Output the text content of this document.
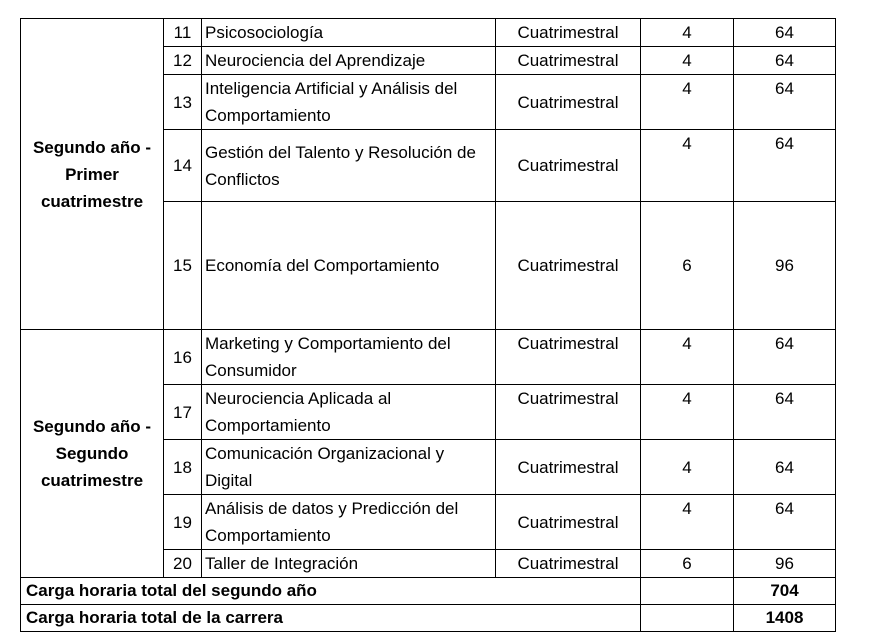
Segundo año -
Primer
cuatrimestre	11	Psicosociología	Cuatrimestral	4	64
	12	Neurociencia del Aprendizaje	Cuatrimestral	4	64
	13	Inteligencia Artificial y Análisis del
Comportamiento	Cuatrimestral	4	64
	14	Gestión del Talento y Resolución de
Conflictos	Cuatrimestral	4	64
	15	Economía del Comportamiento	Cuatrimestral	6	96
Segundo año -
Segundo
cuatrimestre	16	Marketing y Comportamiento del
Consumidor	Cuatrimestral	4	64
	17	Neurociencia Aplicada al
Comportamiento	Cuatrimestral	4	64
	18	Comunicación Organizacional y Digital	Cuatrimestral	4	64
	19	Análisis de datos y Predicción del
Comportamiento	Cuatrimestral	4	64
	20	Taller de Integración	Cuatrimestral	6	96
Carga horaria total del segundo año					704
Carga horaria total de la carrera					1408
